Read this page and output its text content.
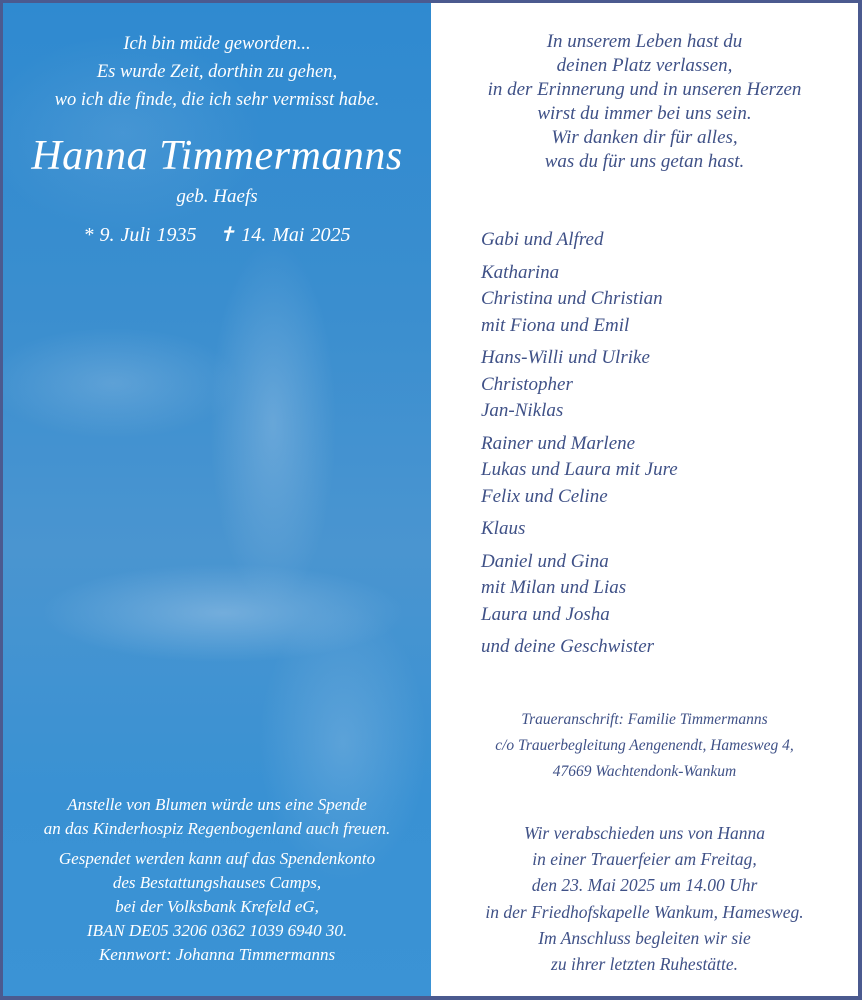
Ich bin müde geworden...
Es wurde Zeit, dorthin zu gehen,
wo ich die finde, die ich sehr vermisst habe.
Hanna Timmermanns
geb. Haefs
* 9. Juli 1935 ✝ 14. Mai 2025
Anstelle von Blumen würde uns eine Spende
an das Kinderhospiz Regenbogenland auch freuen.
Gespendet werden kann auf das Spendenkonto
des Bestattungshauses Camps,
bei der Volksbank Krefeld eG,
IBAN DE05 3206 0362 1039 6940 30.
Kennwort: Johanna Timmermanns
In unserem Leben hast du
deinen Platz verlassen,
in der Erinnerung und in unseren Herzen
wirst du immer bei uns sein.
Wir danken dir für alles,
was du für uns getan hast.
Gabi und Alfred
Katharina
Christina und Christian
mit Fiona und Emil
Hans-Willi und Ulrike
Christopher
Jan-Niklas
Rainer und Marlene
Lukas und Laura mit Jure
Felix und Celine
Klaus
Daniel und Gina
mit Milan und Lias
Laura und Josha
und deine Geschwister
Traueranschrift: Familie Timmermanns
c/o Trauerbegleitung Aengenendt, Hamesweg 4,
47669 Wachtendonk-Wankum
Wir verabschieden uns von Hanna
in einer Trauerfeier am Freitag,
den 23. Mai 2025 um 14.00 Uhr
in der Friedhofskapelle Wankum, Hamesweg.
Im Anschluss begleiten wir sie
zu ihrer letzten Ruhestätte.
